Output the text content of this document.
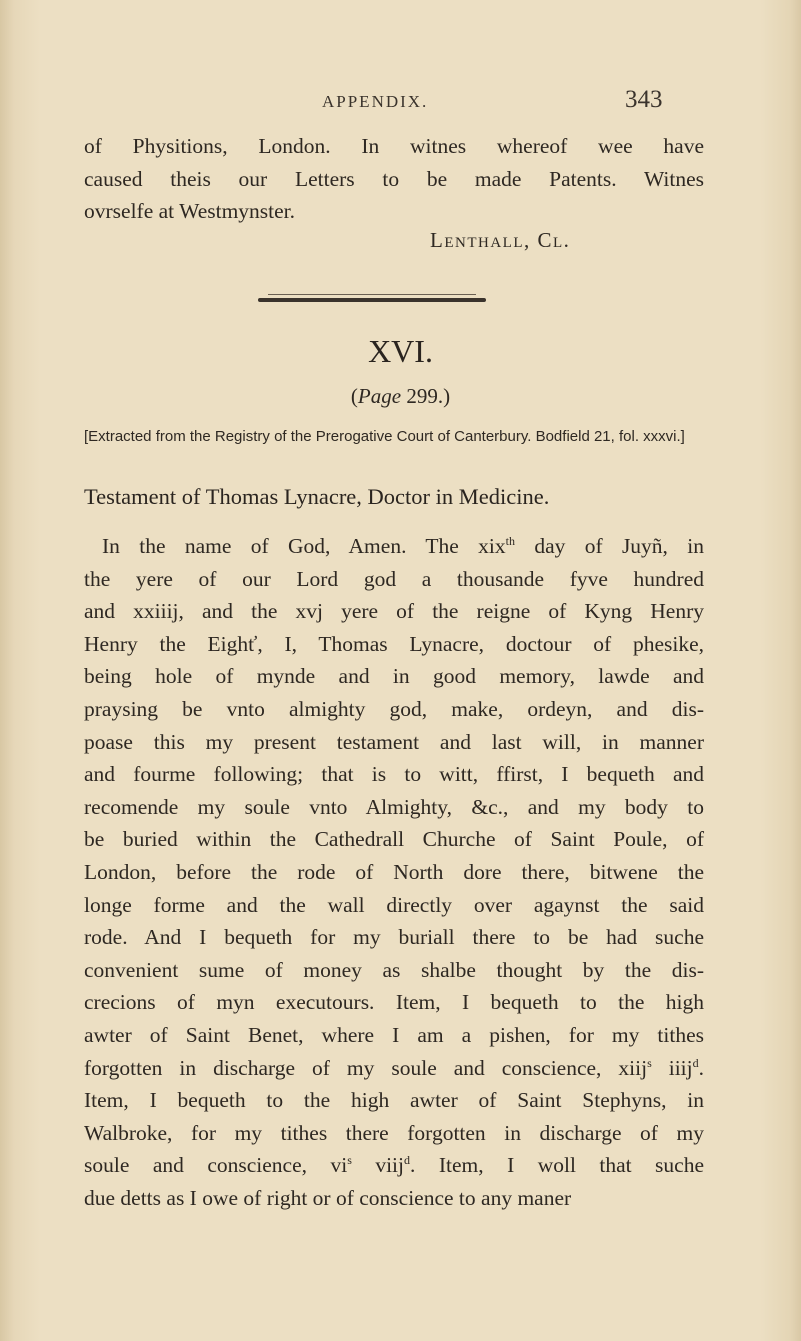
APPENDIX.	343
of Physitions, London. In witnes whereof wee have
caused theis our Letters to be made Patents. Witnes
ovrselfe at Westmynster.
Lenthall, Cl.
XVI.
(Page 299.)
[Extracted from the Registry of the Prerogative Court of Canterbury. Bodfield 21, fol. xxxvi.]
Testament of Thomas Lynacre, Doctor in Medicine.
In the name of God, Amen. The xix$^{th}$ day of Juyñ, in
the yere of our Lord god a thousande fyve hundred
and xxiiij, and the xvj yere of the reigne of Kyng Henry
Henry the Eighť, I, Thomas Lynacre, doctour of phesike,
being hole of mynde and in good memory, lawde and
praysing be vnto almighty god, make, ordeyn, and dis-
poase this my present testament and last will, in manner
and fourme following; that is to witt, ffirst, I bequeth and
recomende my soule vnto Almighty, &c., and my body to
be buried within the Cathedrall Churche of Saint Poule, of
London, before the rode of North dore there, bitwene the
longe forme and the wall directly over agaynst the said
rode. And I bequeth for my buriall there to be had suche
convenient sume of money as shalbe thought by the dis-
crecions of myn executours. Item, I bequeth to the high
awter of Saint Benet, where I am a pishen, for my tithes
forgotten in discharge of my soule and conscience, xiij$^s$ iiij$^d$.
Item, I bequeth to the high awter of Saint Stephyns, in
Walbroke, for my tithes there forgotten in discharge of my
soule and conscience, $vi^s$ viij$^d$. Item, I woll that suche
due detts as I owe of right or of conscience to any maner
